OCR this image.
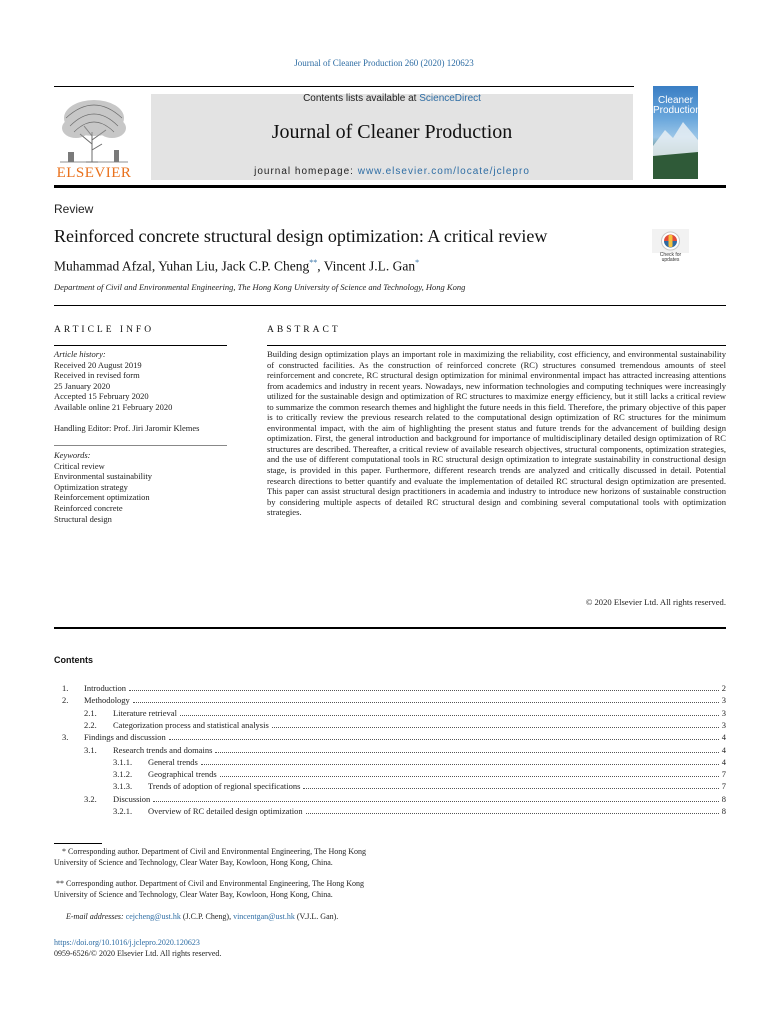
Journal of Cleaner Production 260 (2020) 120623
ELSEVIER
Contents lists available at ScienceDirect
Journal of Cleaner Production
journal homepage: www.elsevier.com/locate/jclepro
Cleaner
Production
Review
Reinforced concrete structural design optimization: A critical review
Check for
updates
Muhammad Afzal, Yuhan Liu, Jack C.P. Cheng**, Vincent J.L. Gan*
Department of Civil and Environmental Engineering, The Hong Kong University of Science and Technology, Hong Kong
ARTICLE INFO	ABSTRACT
Article history:
Received 20 August 2019
Received in revised form
25 January 2020
Accepted 15 February 2020
Available online 21 February 2020
Handling Editor: Prof. Jiri Jaromir Klemes
Keywords:
Critical review
Environmental sustainability
Optimization strategy
Reinforcement optimization
Reinforced concrete
Structural design
Building design optimization plays an important role in maximizing the reliability, cost efficiency, and environmental sustainability of constructed facilities. As the construction of reinforced concrete (RC) structures consumed tremendous amounts of steel reinforcement and concrete, RC structural design optimization for minimal environmental impact has attracted increasing attentions from academics and industry in recent years. Nowadays, new information technologies and computing techniques were increasingly utilized for the sustainable design and optimization of RC structures to maximize energy efficiency, but it still lacks a critical review to summarize the common research themes and highlight the future needs in this field. Therefore, the primary objective of this paper is to critically review the previous research related to the computational design optimization of RC structures for the minimum environmental impact, with the aim of highlighting the present status and future trends for the advancement of building design optimization. First, the general introduction and background for importance of multidisciplinary detailed design optimization of RC structures are described. Thereafter, a critical review of available research objectives, structural components, optimization strategies, and the use of different computational tools in RC structural design optimization to integrate sustainability in constructional design stage, is provided in this paper. Furthermore, different research trends are analyzed and critically discussed in detail. Potential research directions to better quantify and evaluate the implementation of detailed RC structural design optimization are presented. This paper can assist structural design practitioners in academia and industry to introduce new horizons of sustainable construction by considering multiple aspects of detailed RC structural design and combining several computational tools with optimization strategies.
© 2020 Elsevier Ltd. All rights reserved.
Contents
1. Introduction	2
2. Methodology	3
2.1. Literature retrieval	3
2.2. Categorization process and statistical analysis	3
3. Findings and discussion	4
3.1. Research trends and domains	4
3.1.1. General trends	4
3.1.2. Geographical trends	7
3.1.3. Trends of adoption of regional specifications	7
3.2. Discussion	8
3.2.1. Overview of RC detailed design optimization	8
* Corresponding author. Department of Civil and Environmental Engineering, The Hong Kong University of Science and Technology, Clear Water Bay, Kowloon, Hong Kong, China.
** Corresponding author. Department of Civil and Environmental Engineering, The Hong Kong University of Science and Technology, Clear Water Bay, Kowloon, Hong Kong, China.
E-mail addresses: cejcheng@ust.hk (J.C.P. Cheng), vincentgan@ust.hk (V.J.L. Gan).
https://doi.org/10.1016/j.jclepro.2020.120623
0959-6526/© 2020 Elsevier Ltd. All rights reserved.
